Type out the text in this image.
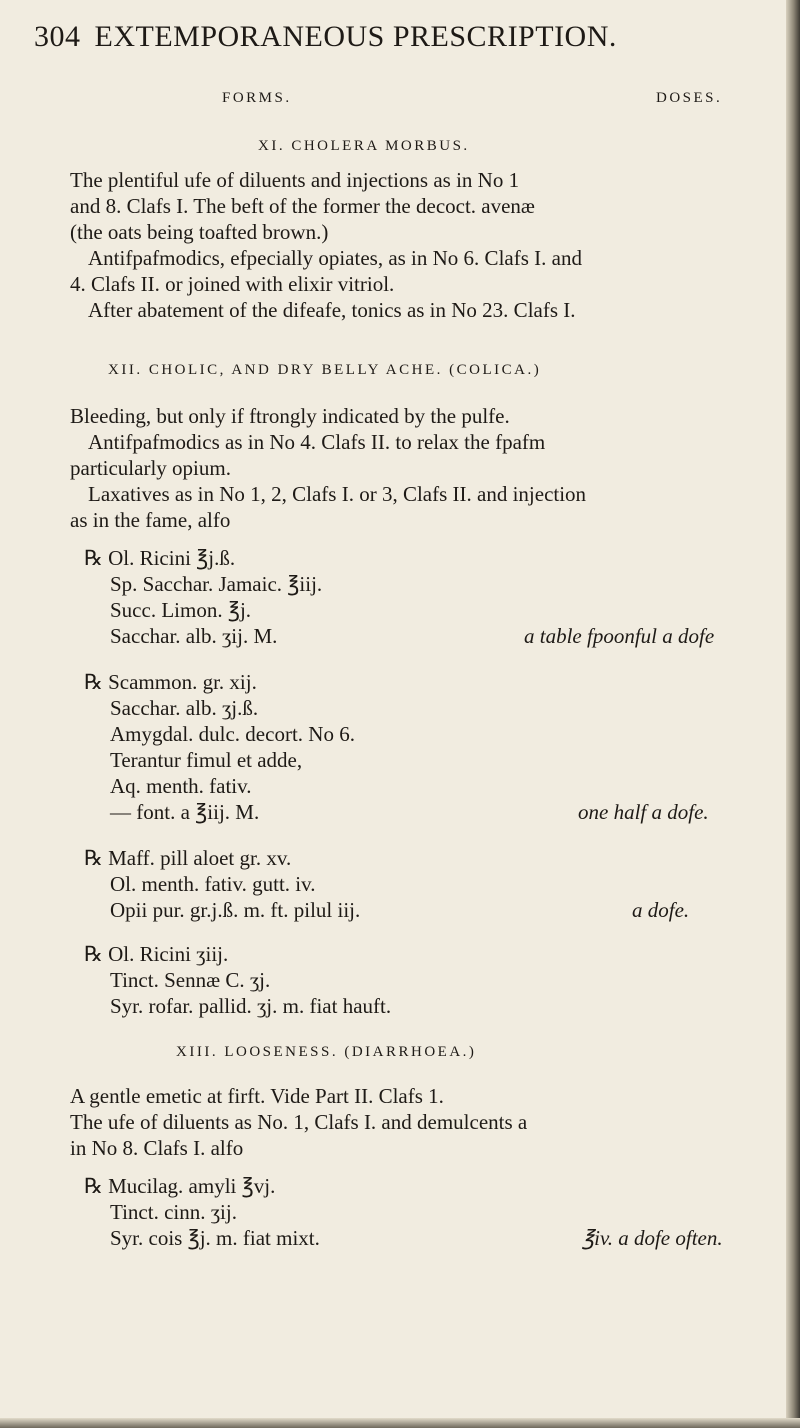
304 EXTEMPORANEOUS PRESCRIPTION.
FORMS.	DOSES.
XI. CHOLERA MORBUS.
The plentiful ufe of diluents and injections as in No 1
and 8. Clafs I. The beft of the former the decoct. avenæ
(the oats being toafted brown.)
Antifpafmodics, efpecially opiates, as in No 6. Clafs I. and
4. Clafs II. or joined with elixir vitriol.
After abatement of the difeafe, tonics as in No 23. Clafs I.
XII. CHOLIC, AND DRY BELLY ACHE. (COLICA.)
Bleeding, but only if ftrongly indicated by the pulfe.
Antifpafmodics as in No 4. Clafs II. to relax the fpafm
particularly opium.
Laxatives as in No 1, 2, Clafs I. or 3, Clafs II. and injection
as in the fame, alfo
℞ Ol. Ricini ℥j.ß.
Sp. Sacchar. Jamaic. ℥iij.
Succ. Limon. ℥j.
Sacchar. alb. ʒij. M.	a table fpoonful a dofe
℞ Scammon. gr. xij.
Sacchar. alb. ʒj.ß.
Amygdal. dulc. decort. No 6.
Terantur fimul et adde,
Aq. menth. fativ.
— font. a ℥iij. M.	one half a dofe.
℞ Maff. pill aloet gr. xv.
Ol. menth. fativ. gutt. iv.
Opii pur. gr.j.ß. m. ft. pilul iij.	a dofe.
℞ Ol. Ricini ʒiij.
Tinct. Sennæ C. ʒj.
Syr. rofar. pallid. ʒj. m. fiat hauft.
XIII. LOOSENESS. (DIARRHOEA.)
A gentle emetic at firft. Vide Part II. Clafs 1.
The ufe of diluents as No. 1, Clafs I. and demulcents a
in No 8. Clafs I. alfo
℞ Mucilag. amyli ℥vj.
Tinct. cinn. ʒij.
Syr. cois ℥j. m. fiat mixt.	℥iv. a dofe often.
